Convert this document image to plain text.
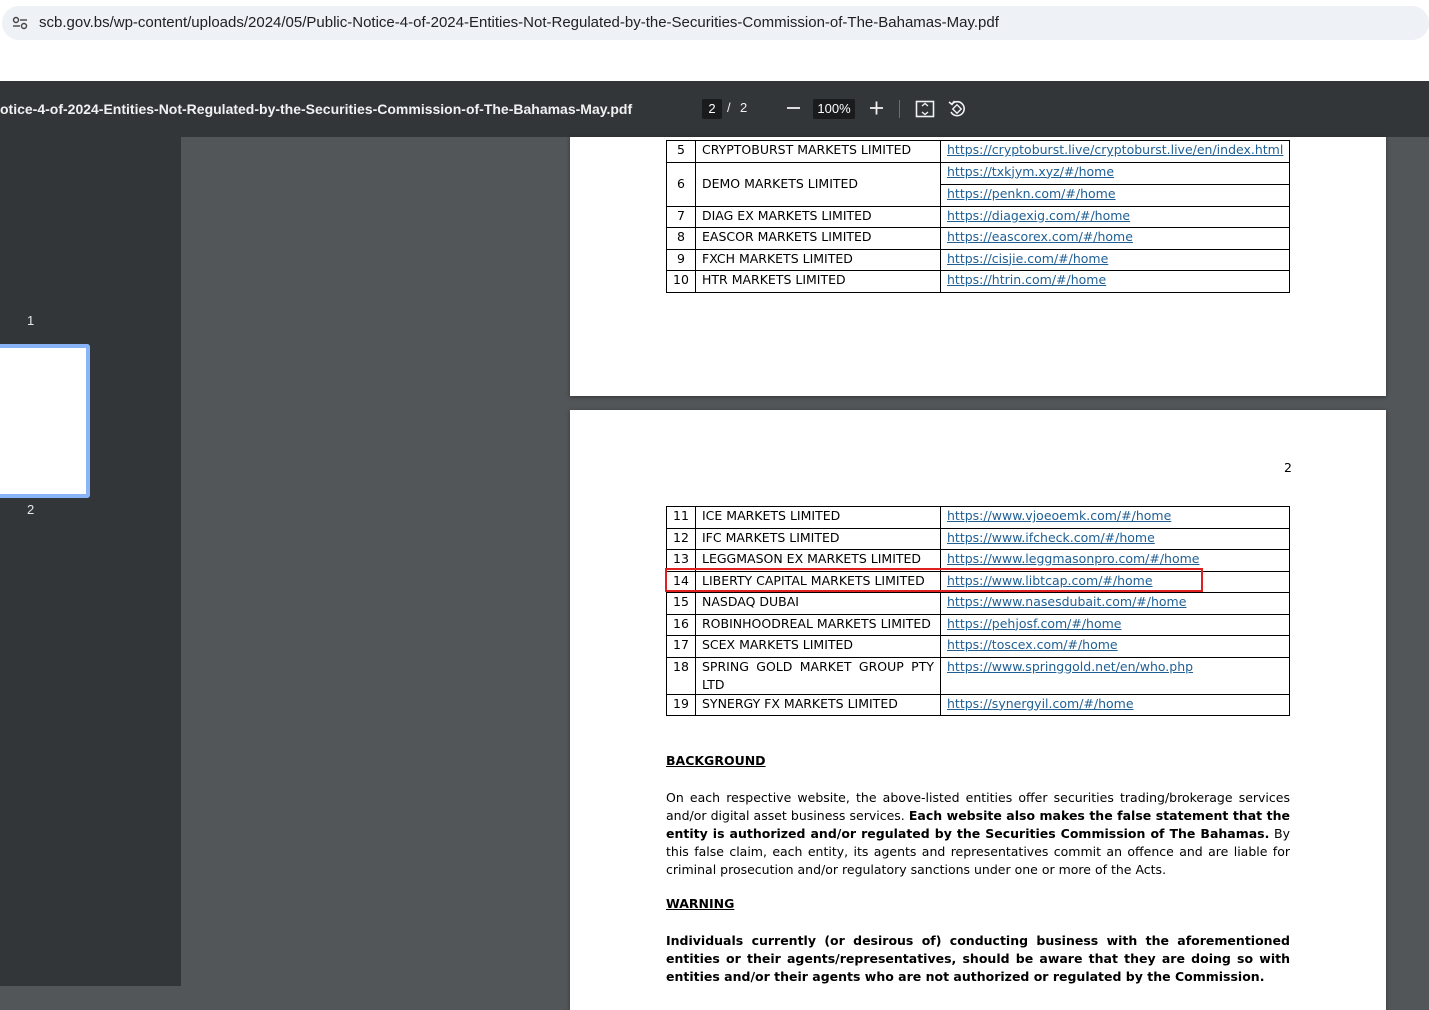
scb.gov.bs/wp-content/uploads/2024/05/Public-Notice-4-of-2024-Entities-Not-Regulated-by-the-Securities-Commission-of-The-Bahamas-May.pdf
otice-4-of-2024-Entities-Not-Regulated-by-the-Securities-Commission-of-The-Bahamas-May.pdf	2 / 2	100%
1
2
5	CRYPTOBURST MARKETS LIMITED	https://cryptoburst.live/cryptoburst.live/en/index.html
6	DEMO MARKETS LIMITED	https://txkjym.xyz/#/home
https://penkn.com/#/home

7	DIAG EX MARKETS LIMITED	https://diagexig.com/#/home
8	EASCOR MARKETS LIMITED	https://eascorex.com/#/home
9	FXCH MARKETS LIMITED	https://cisjie.com/#/home
10	HTR MARKETS LIMITED	https://htrin.com/#/home
2
11	ICE MARKETS LIMITED	https://www.vjoeoemk.com/#/home
12	IFC MARKETS LIMITED	https://www.ifcheck.com/#/home
13	LEGGMASON EX MARKETS LIMITED	https://www.leggmasonpro.com/#/home
14	LIBERTY CAPITAL MARKETS LIMITED	https://www.libtcap.com/#/home
15	NASDAQ DUBAI	https://www.nasesdubait.com/#/home
16	ROBINHOODREAL MARKETS LIMITED	https://pehjosf.com/#/home
17	SCEX MARKETS LIMITED	https://toscex.com/#/home
18	SPRING GOLD MARKET GROUP PTY LTD	https://www.springgold.net/en/who.php
19	SYNERGY FX MARKETS LIMITED	https://synergyil.com/#/home
BACKGROUND
On each respective website, the above-listed entities offer securities trading/brokerage services and/or digital asset business services. Each website also makes the false statement that the entity is authorized and/or regulated by the Securities Commission of The Bahamas. By this false claim, each entity, its agents and representatives commit an offence and are liable for criminal prosecution and/or regulatory sanctions under one or more of the Acts.
WARNING
Individuals currently (or desirous of) conducting business with the aforementioned entities or their agents/representatives, should be aware that they are doing so with entities and/or their agents who are not authorized or regulated by the Commission.
